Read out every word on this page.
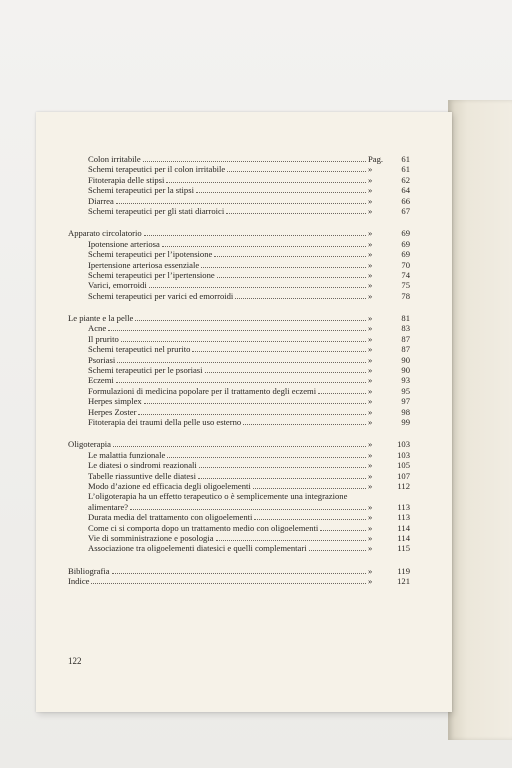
Colon irritabile	Pag.	61
Schemi terapeutici per il colon irritabile	»	61
Fitoterapia delle stipsi	»	62
Schemi terapeutici per la stipsi	»	64
Diarrea	»	66
Schemi terapeutici per gli stati diarroici	»	67
Apparato circolatorio	»	69
Ipotensione arteriosa	»	69
Schemi terapeutici per l’ipotensione	»	69
Ipertensione arteriosa essenziale	»	70
Schemi terapeutici per l’ipertensione	»	74
Varici, emorroidi	»	75
Schemi terapeutici per varici ed emorroidi	»	78
Le piante e la pelle	»	81
Acne	»	83
Il prurito	»	87
Schemi terapeutici nel prurito	»	87
Psoriasi	»	90
Schemi terapeutici per le psoriasi	»	90
Eczemi	»	93
Formulazioni di medicina popolare per il trattamento degli eczemi	»	95
Herpes simplex	»	97
Herpes Zoster	»	98
Fitoterapia dei traumi della pelle uso esterno	»	99
Oligoterapia	»	103
Le malattia funzionale	»	103
Le diatesi o sindromi reazionali	»	105
Tabelle riassuntive delle diatesi	»	107
Modo d’azione ed efficacia degli oligoelementi	»	112
L’oligoterapia ha un effetto terapeutico o è semplicemente una integrazione
alimentare?	»	113
Durata media del trattamento con oligoelementi	»	113
Come ci si comporta dopo un trattamento medio con oligoelementi	»	114
Vie di somministrazione e posologia	»	114
Associazione tra oligoelementi diatesici e quelli complementari	»	115
Bibliografia	»	119
Indice	»	121
122
